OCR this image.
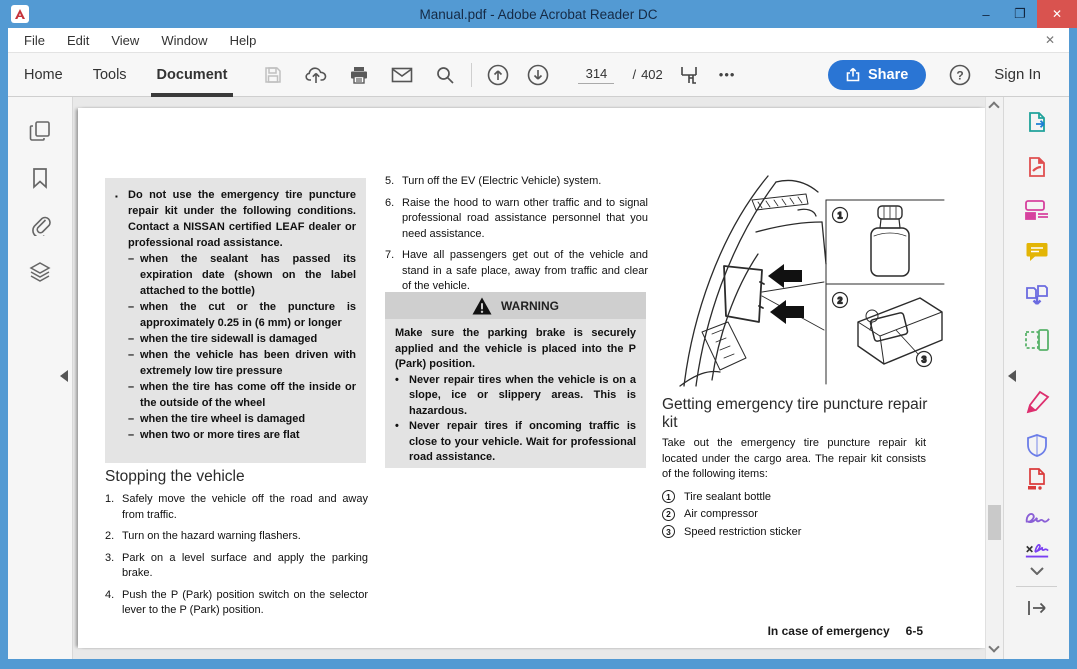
Manual.pdf - Adobe Acrobat Reader DC	–	❐	✕
File	Edit	View	Window	Help	✕
Home Tools Document	314	/ 402	•••	Share	? Sign In
▪ Do not use the emergency tire puncture repair kit under the following conditions. Contact a NISSAN certified LEAF dealer or professional road assistance.
– when the sealant has passed its expiration date (shown on the label attached to the bottle)
– when the cut or the puncture is approximately 0.25 in (6 mm) or longer
– when the tire sidewall is damaged
– when the vehicle has been driven with extremely low tire pressure
– when the tire has come off the inside or the outside of the wheel
– when the tire wheel is damaged
– when two or more tires are flat
Stopping the vehicle
1. Safely move the vehicle off the road and away from traffic.
2. Turn on the hazard warning flashers.
3. Park on a level surface and apply the parking brake.
4. Push the P (Park) position switch on the selector lever to the P (Park) position.
5. Turn off the EV (Electric Vehicle) system.
6. Raise the hood to warn other traffic and to signal professional road assistance personnel that you need assistance.
7. Have all passengers get out of the vehicle and stand in a safe place, away from traffic and clear of the vehicle.
WARNING
Make sure the parking brake is securely applied and the vehicle is placed into the P (Park) position.
• Never repair tires when the vehicle is on a slope, ice or slippery areas. This is hazardous.
• Never repair tires if oncoming traffic is close to your vehicle. Wait for professional road assistance.
1
2
3
Getting emergency tire puncture repair kit
Take out the emergency tire puncture repair kit located under the cargo area. The repair kit consists of the following items:
1	Tire sealant bottle
2	Air compressor
3	Speed restriction sticker
In case of emergency 6-5
